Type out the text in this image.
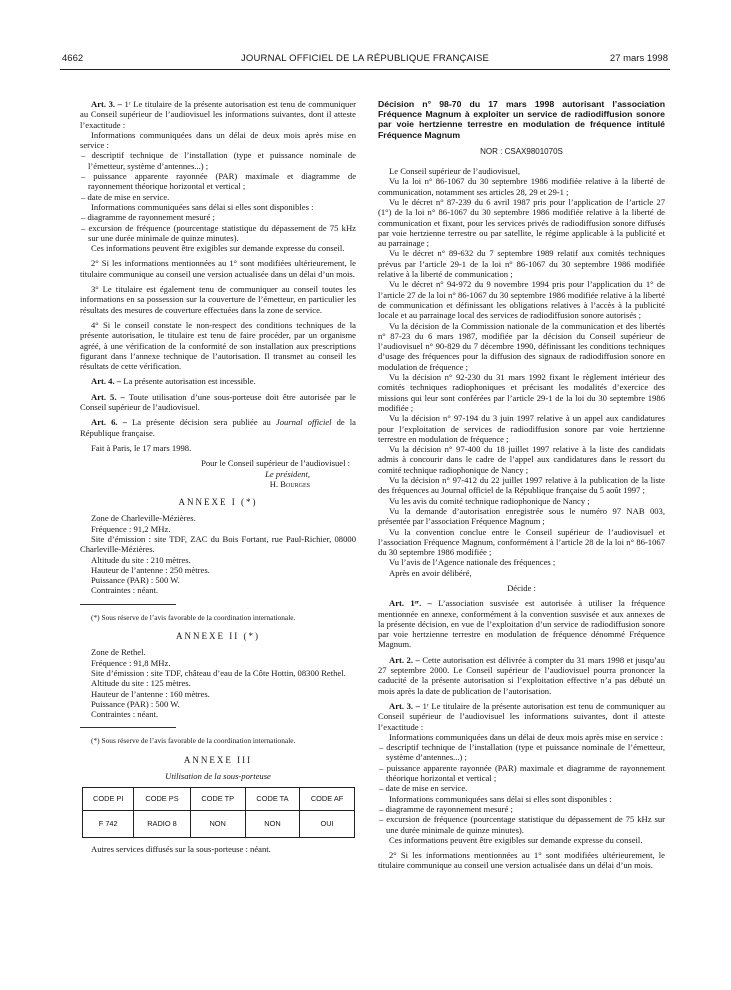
4662	JOURNAL OFFICIEL DE LA RÉPUBLIQUE FRANÇAISE	27 mars 1998

Art. 3. – 1ʳ Le titulaire de la présente autorisation est tenu de communiquer au Conseil supérieur de l’audiovisuel les informations suivantes, dont il atteste l’exactitude :

Informations communiquées dans un délai de deux mois après mise en service :

– descriptif technique de l’installation (type et puissance nominale de l’émetteur, système d’antennes...) ;

– puissance apparente rayonnée (PAR) maximale et diagramme de rayonnement théorique horizontal et vertical ;

– date de mise en service.

Informations communiquées sans délai si elles sont disponibles :

– diagramme de rayonnement mesuré ;

– excursion de fréquence (pourcentage statistique du dépassement de 75 kHz sur une durée minimale de quinze minutes).

Ces informations peuvent être exigibles sur demande expresse du conseil.

2° Si les informations mentionnées au 1° sont modifiées ultérieurement, le titulaire communique au conseil une version actualisée dans un délai d’un mois.

3° Le titulaire est également tenu de communiquer au conseil toutes les informations en sa possession sur la couverture de l’émetteur, en particulier les résultats des mesures de couverture effectuées dans la zone de service.

4° Si le conseil constate le non-respect des conditions techniques de la présente autorisation, le titulaire est tenu de faire procéder, par un organisme agréé, à une vérification de la conformité de son installation aux prescriptions figurant dans l’annexe technique de l’autorisation. Il transmet au conseil les résultats de cette vérification.

Art. 4. – La présente autorisation est incessible.

Art. 5. – Toute utilisation d’une sous-porteuse doit être autorisée par le Conseil supérieur de l’audiovisuel.

Art. 6. – La présente décision sera publiée au Journal officiel de la République française.

Fait à Paris, le 17 mars 1998.

Pour le Conseil supérieur de l’audiovisuel :
Le président,
H. Bourges
ANNEXE I (*)

Zone de Charleville-Mézières.

Fréquence : 91,2 MHz.

Site d’émission : site TDF, ZAC du Bois Fortant, rue Paul-Richier, 08000 Charleville-Mézières.

Altitude du site : 210 mètres.

Hauteur de l’antenne : 250 mètres.

Puissance (PAR) : 500 W.

Contraintes : néant.

(*) Sous réserve de l’avis favorable de la coordination internationale.

ANNEXE II (*)

Zone de Rethel.

Fréquence : 91,8 MHz.

Site d’émission : site TDF, château d’eau de la Côte Hottin, 08300 Rethel.

Altitude du site : 125 mètres.

Hauteur de l’antenne : 160 mètres.

Puissance (PAR) : 500 W.

Contraintes : néant.

(*) Sous réserve de l’avis favorable de la coordination internationale.

ANNEXE III
Utilisation de la sous-porteuse
CODE PI	CODE PS	CODE TP	CODE TA	CODE AF
F 742	RADIO 8	NON	NON	OUI

Autres services diffusés sur la sous-porteuse : néant.

Décision n° 98-70 du 17 mars 1998 autorisant l’association Fréquence Magnum à exploiter un service de radiodiffusion sonore par voie hertzienne terrestre en modulation de fréquence intitulé Fréquence Magnum
NOR : CSAX9801070S

Le Conseil supérieur de l’audiovisuel,

Vu la loi n° 86-1067 du 30 septembre 1986 modifiée relative à la liberté de communication, notamment ses articles 28, 29 et 29-1 ;

Vu le décret n° 87-239 du 6 avril 1987 pris pour l’application de l’article 27 (1°) de la loi n° 86-1067 du 30 septembre 1986 modifiée relative à la liberté de communication et fixant, pour les services privés de radiodiffusion sonore diffusés par voie hertzienne terrestre ou par satellite, le régime applicable à la publicité et au parrainage ;

Vu le décret n° 89-632 du 7 septembre 1989 relatif aux comités techniques prévus par l’article 29-1 de la loi n° 86-1067 du 30 septembre 1986 modifiée relative à la liberté de communication ;

Vu le décret n° 94-972 du 9 novembre 1994 pris pour l’application du 1° de l’article 27 de la loi n° 86-1067 du 30 septembre 1986 modifiée relative à la liberté de communication et définissant les obligations relatives à l’accès à la publicité locale et au parrainage local des services de radiodiffusion sonore autorisés ;

Vu la décision de la Commission nationale de la communication et des libertés n° 87-23 du 6 mars 1987, modifiée par la décision du Conseil supérieur de l’audiovisuel n° 90-829 du 7 décembre 1990, définissant les conditions techniques d’usage des fréquences pour la diffusion des signaux de radiodiffusion sonore en modulation de fréquence ;

Vu la décision n° 92-230 du 31 mars 1992 fixant le règlement intérieur des comités techniques radiophoniques et précisant les modalités d’exercice des missions qui leur sont conférées par l’article 29-1 de la loi du 30 septembre 1986 modifiée ;

Vu la décision n° 97-194 du 3 juin 1997 relative à un appel aux candidatures pour l’exploitation de services de radiodiffusion sonore par voie hertzienne terrestre en modulation de fréquence ;

Vu la décision n° 97-400 du 18 juillet 1997 relative à la liste des candidats admis à concourir dans le cadre de l’appel aux candidatures dans le ressort du comité technique radiophonique de Nancy ;

Vu la décision n° 97-412 du 22 juillet 1997 relative à la publication de la liste des fréquences au Journal officiel de la République française du 5 août 1997 ;

Vu les avis du comité technique radiophonique de Nancy ;

Vu la demande d’autorisation enregistrée sous le numéro 97 NAB 003, présentée par l’association Fréquence Magnum ;

Vu la convention conclue entre le Conseil supérieur de l’audiovisuel et l’association Fréquence Magnum, conformément à l’article 28 de la loi n° 86-1067 du 30 septembre 1986 modifiée ;

Vu l’avis de l’Agence nationale des fréquences ;

Après en avoir délibéré,

Décide :

Art. 1ᵉʳ. – L’association susvisée est autorisée à utiliser la fréquence mentionnée en annexe, conformément à la convention susvisée et aux annexes de la présente décision, en vue de l’exploitation d’un service de radiodiffusion sonore par voie hertzienne terrestre en modulation de fréquence dénommé Fréquence Magnum.

Art. 2. – Cette autorisation est délivrée à compter du 31 mars 1998 et jusqu’au 27 septembre 2000. Le Conseil supérieur de l’audiovisuel pourra prononcer la caducité de la présente autorisation si l’exploitation effective n’a pas débuté un mois après la date de publication de l’autorisation.

Art. 3. – 1ʳ Le titulaire de la présente autorisation est tenu de communiquer au Conseil supérieur de l’audiovisuel les informations suivantes, dont il atteste l’exactitude :

Informations communiquées dans un délai de deux mois après mise en service :

– descriptif technique de l’installation (type et puissance nominale de l’émetteur, système d’antennes...) ;

– puissance apparente rayonnée (PAR) maximale et diagramme de rayonnement théorique horizontal et vertical ;

– date de mise en service.

Informations communiquées sans délai si elles sont disponibles :

– diagramme de rayonnement mesuré ;

– excursion de fréquence (pourcentage statistique du dépassement de 75 kHz sur une durée minimale de quinze minutes).

Ces informations peuvent être exigibles sur demande expresse du conseil.

2° Si les informations mentionnées au 1° sont modifiées ultérieurement, le titulaire communique au conseil une version actualisée dans un délai d’un mois.
